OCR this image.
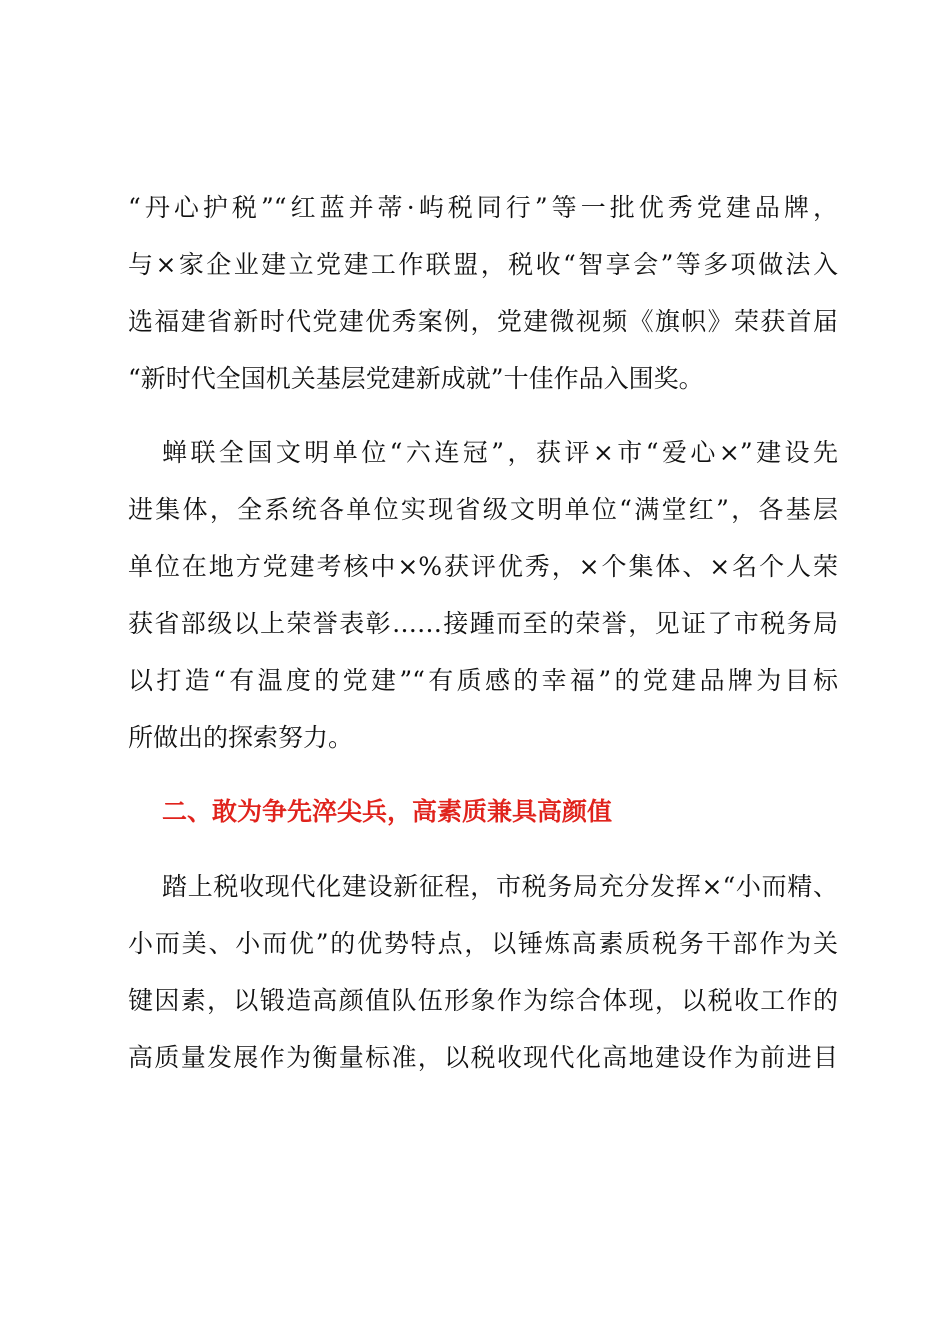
“丹心护税”“红蓝并蒂·屿税同行”等一批优秀党建品牌，
与×家企业建立党建工作联盟，税收“智享会”等多项做法入
选福建省新时代党建优秀案例，党建微视频《旗帜》荣获首届
“新时代全国机关基层党建新成就”十佳作品入围奖。
蝉联全国文明单位“六连冠”，获评×市“爱心×”建设先
进集体，全系统各单位实现省级文明单位“满堂红”，各基层
单位在地方党建考核中×%获评优秀，×个集体、×名个人荣
获省部级以上荣誉表彰……接踵而至的荣誉，见证了市税务局
以打造“有温度的党建”“有质感的幸福”的党建品牌为目标
所做出的探索努力。
二、敢为争先淬尖兵，高素质兼具高颜值
踏上税收现代化建设新征程，市税务局充分发挥×“小而精、
小而美、小而优”的优势特点，以锤炼高素质税务干部作为关
键因素，以锻造高颜值队伍形象作为综合体现，以税收工作的
高质量发展作为衡量标准，以税收现代化高地建设作为前进目
